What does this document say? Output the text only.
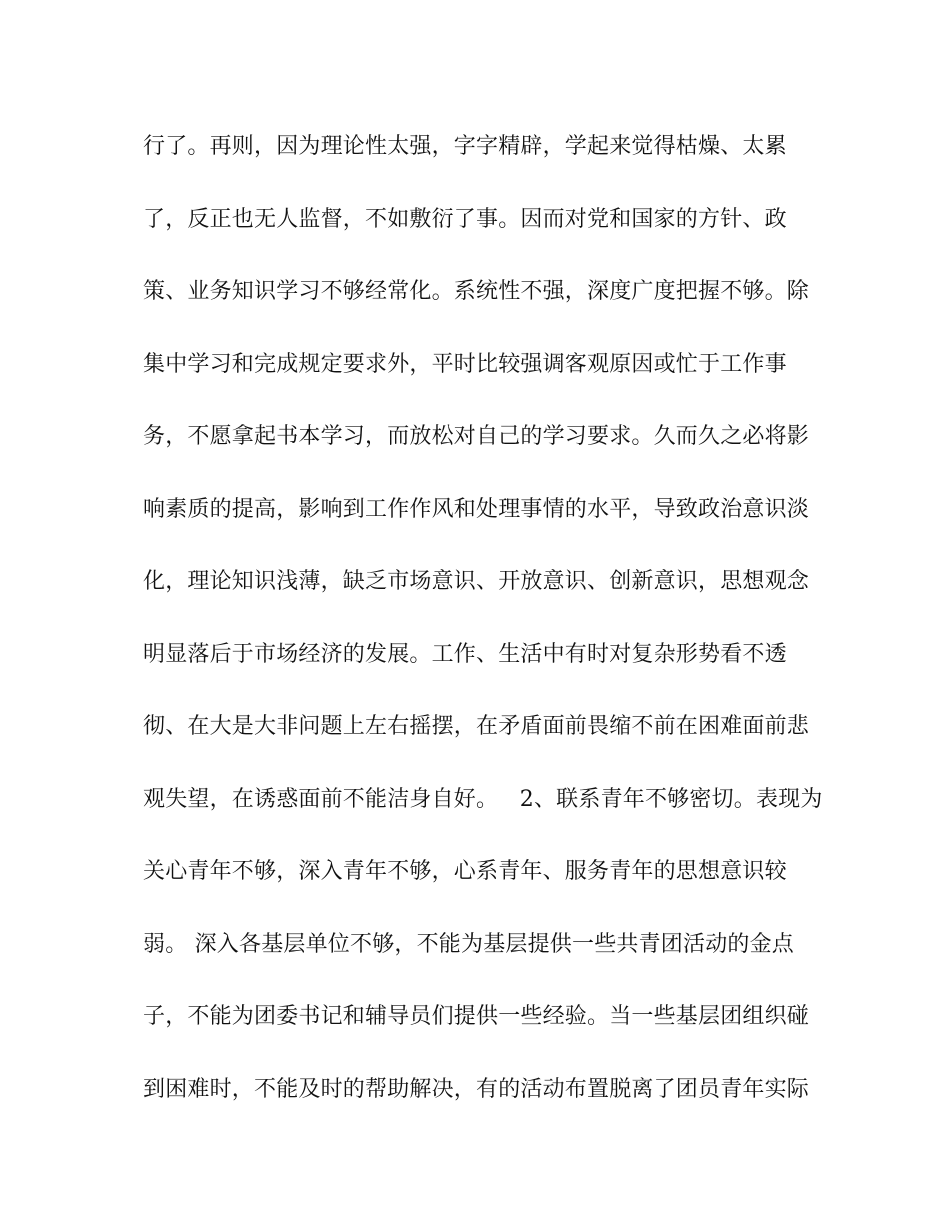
行了。再则，因为理论性太强，字字精辟，学起来觉得枯燥、太累
了，反正也无人监督，不如敷衍了事。因而对党和国家的方针、政
策、业务知识学习不够经常化。系统性不强，深度广度把握不够。除
集中学习和完成规定要求外，平时比较强调客观原因或忙于工作事
务，不愿拿起书本学习，而放松对自己的学习要求。久而久之必将影
响素质的提高，影响到工作作风和处理事情的水平，导致政治意识淡
化，理论知识浅薄，缺乏市场意识、开放意识、创新意识，思想观念
明显落后于市场经济的发展。工作、生活中有时对复杂形势看不透
彻、在大是大非问题上左右摇摆，在矛盾面前畏缩不前在困难面前悲
观失望，在诱惑面前不能洁身自好。   2、联系青年不够密切。表现为
关心青年不够，深入青年不够，心系青年、服务青年的思想意识较
弱。 深入各基层单位不够，不能为基层提供一些共青团活动的金点
子，不能为团委书记和辅导员们提供一些经验。当一些基层团组织碰
到困难时，不能及时的帮助解决，有的活动布置脱离了团员青年实际
